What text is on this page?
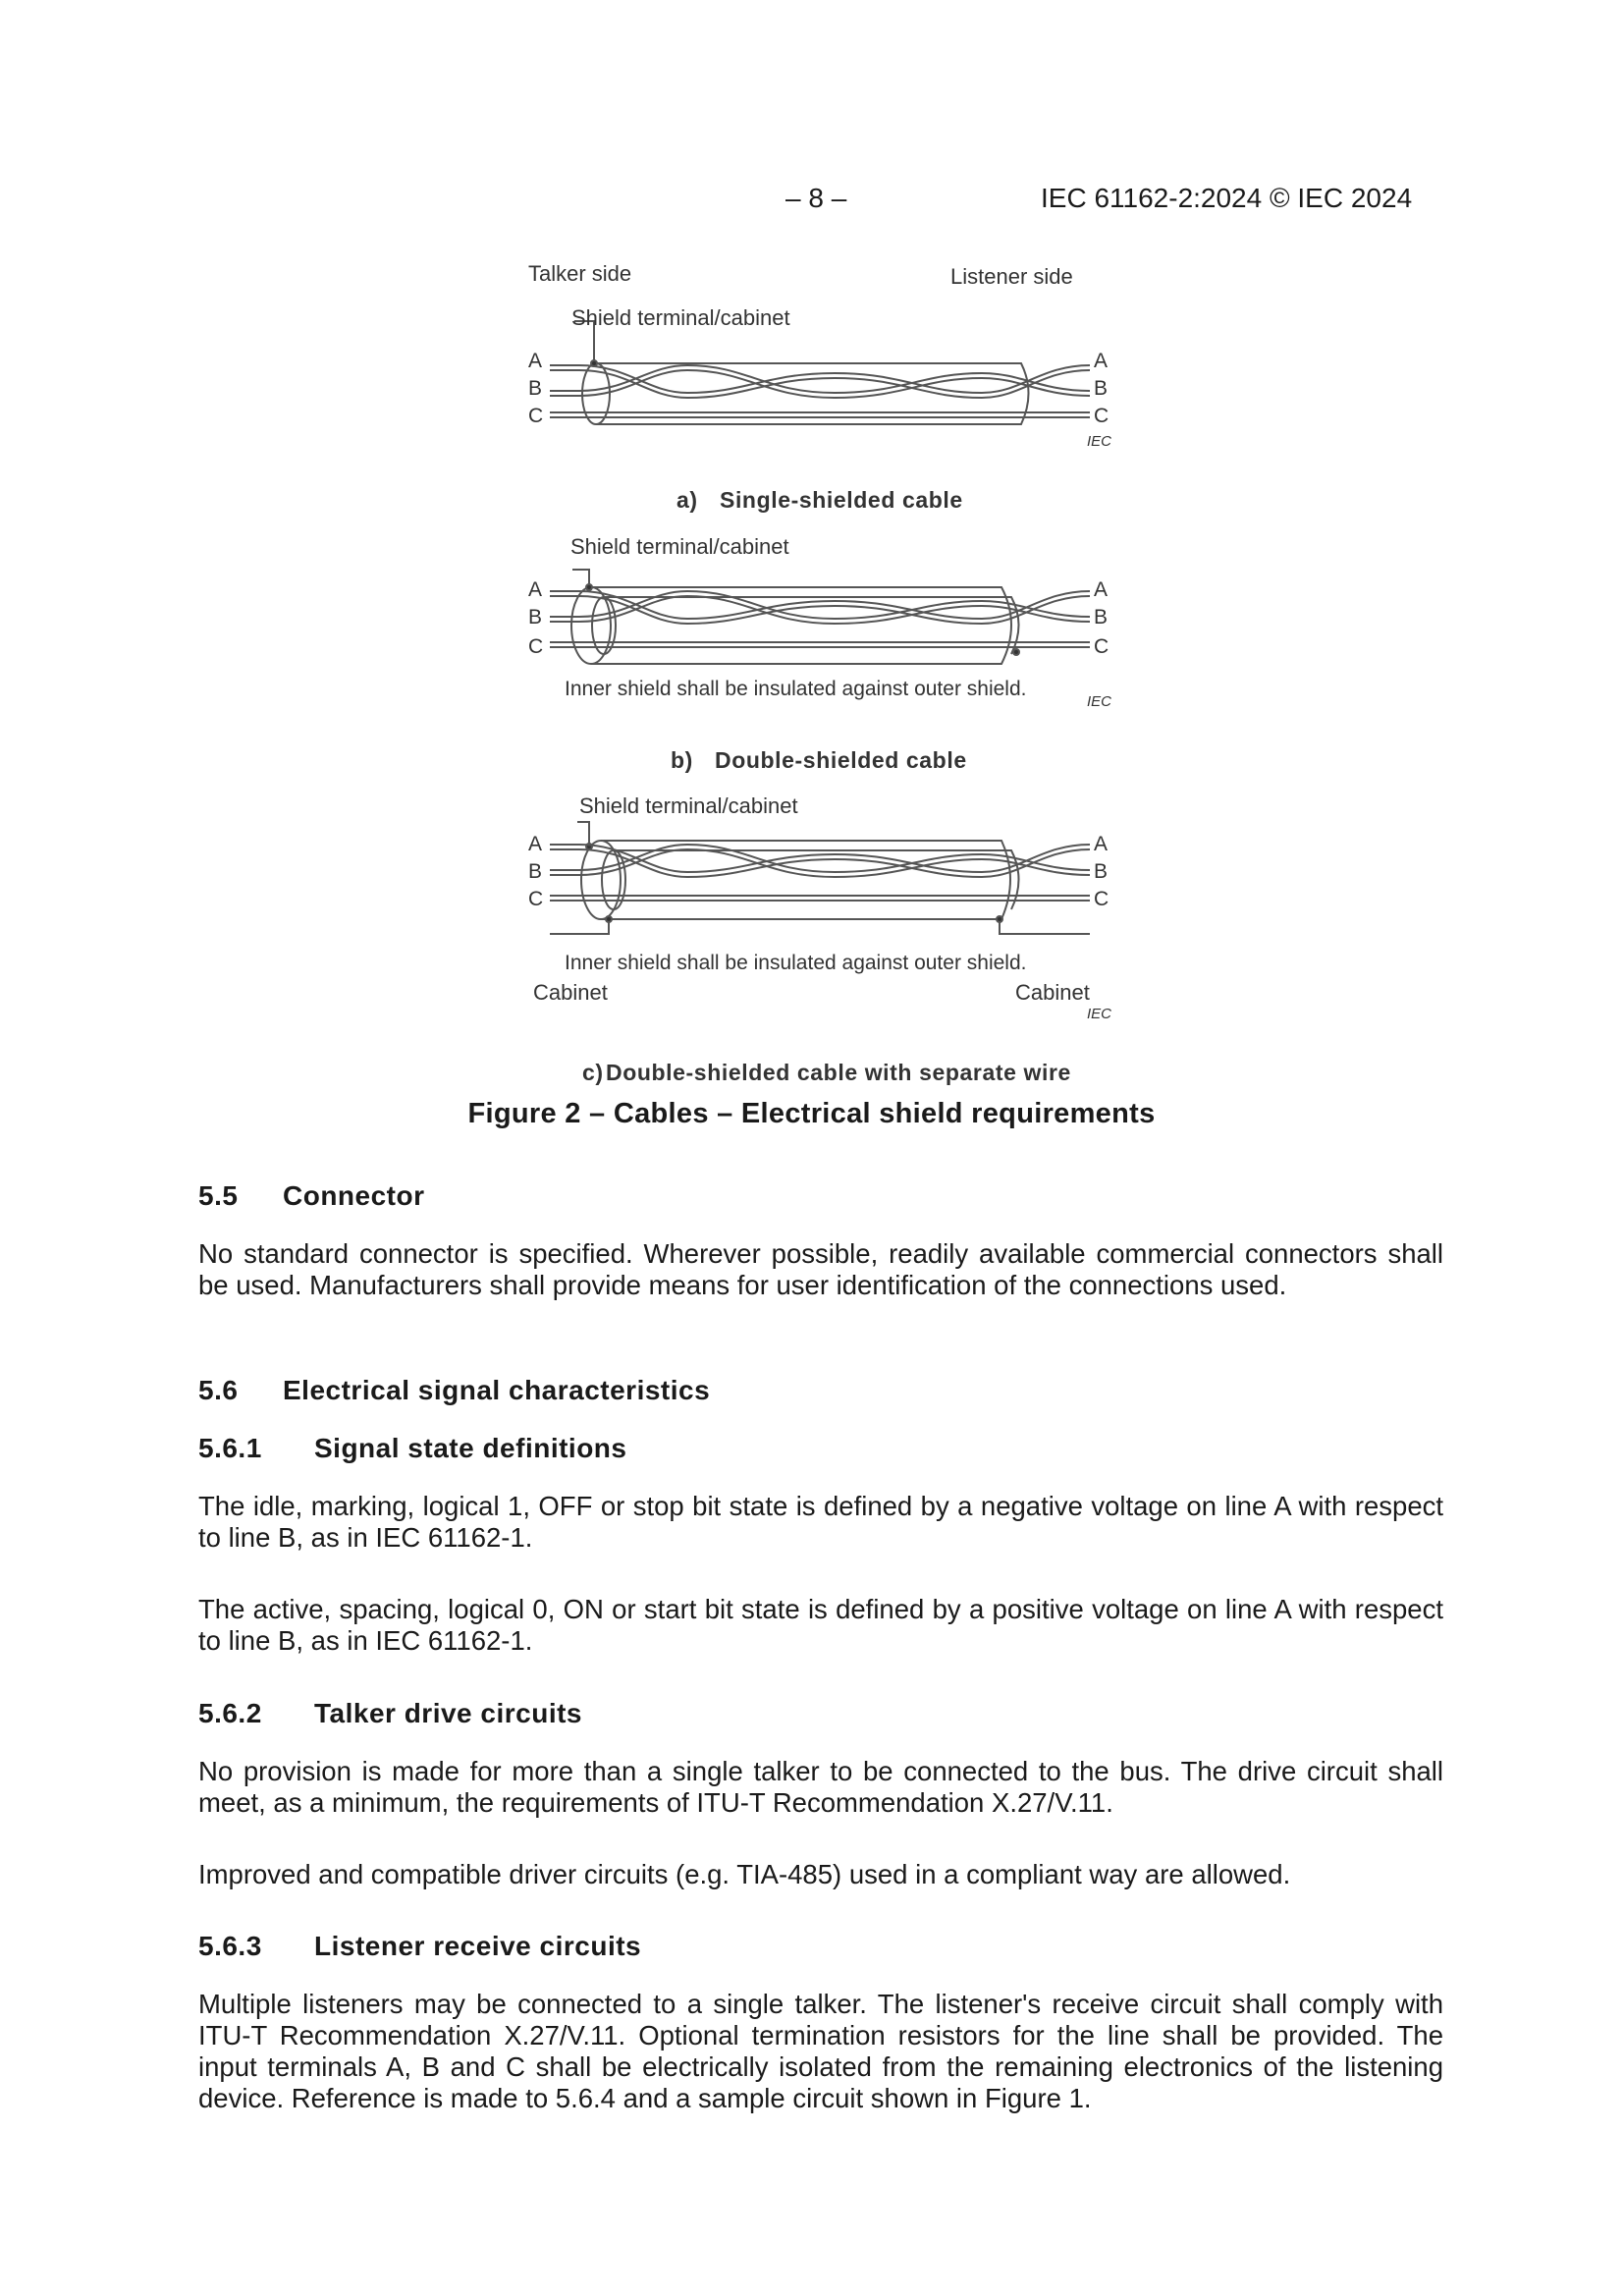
– 8 –	IEC 61162-2:2024 © IEC 2024
Talker side	Listener side
Shield terminal/cabinet
A
B
C
A
B
C
IEC
a) Single-shielded cable
Shield terminal/cabinet
A
B
C
A
B
C
Inner shield shall be insulated against outer shield.
IEC
b) Double-shielded cable
Shield terminal/cabinet
A
B
C
A
B
C
Inner shield shall be insulated against outer shield.
Cabinet	Cabinet
IEC
c) Double-shielded cable with separate wire
Figure 2 – Cables – Electrical shield requirements
5.5 Connector

No standard connector is specified. Wherever possible, readily available commercial connectors shall be used. Manufacturers shall provide means for user identification of the connections used.

5.6 Electrical signal characteristics
5.6.1 Signal state definitions

The idle, marking, logical 1, OFF or stop bit state is defined by a negative voltage on line A with respect to line B, as in IEC 61162-1.

The active, spacing, logical 0, ON or start bit state is defined by a positive voltage on line A with respect to line B, as in IEC 61162-1.

5.6.2 Talker drive circuits

No provision is made for more than a single talker to be connected to the bus. The drive circuit shall meet, as a minimum, the requirements of ITU-T Recommendation X.27/V.11.

Improved and compatible driver circuits (e.g. TIA-485) used in a compliant way are allowed.

5.6.3 Listener receive circuits

Multiple listeners may be connected to a single talker. The listener's receive circuit shall comply with ITU-T Recommendation X.27/V.11. Optional termination resistors for the line shall be provided. The input terminals A, B and C shall be electrically isolated from the remaining electronics of the listening device. Reference is made to 5.6.4 and a sample circuit shown in Figure 1.
